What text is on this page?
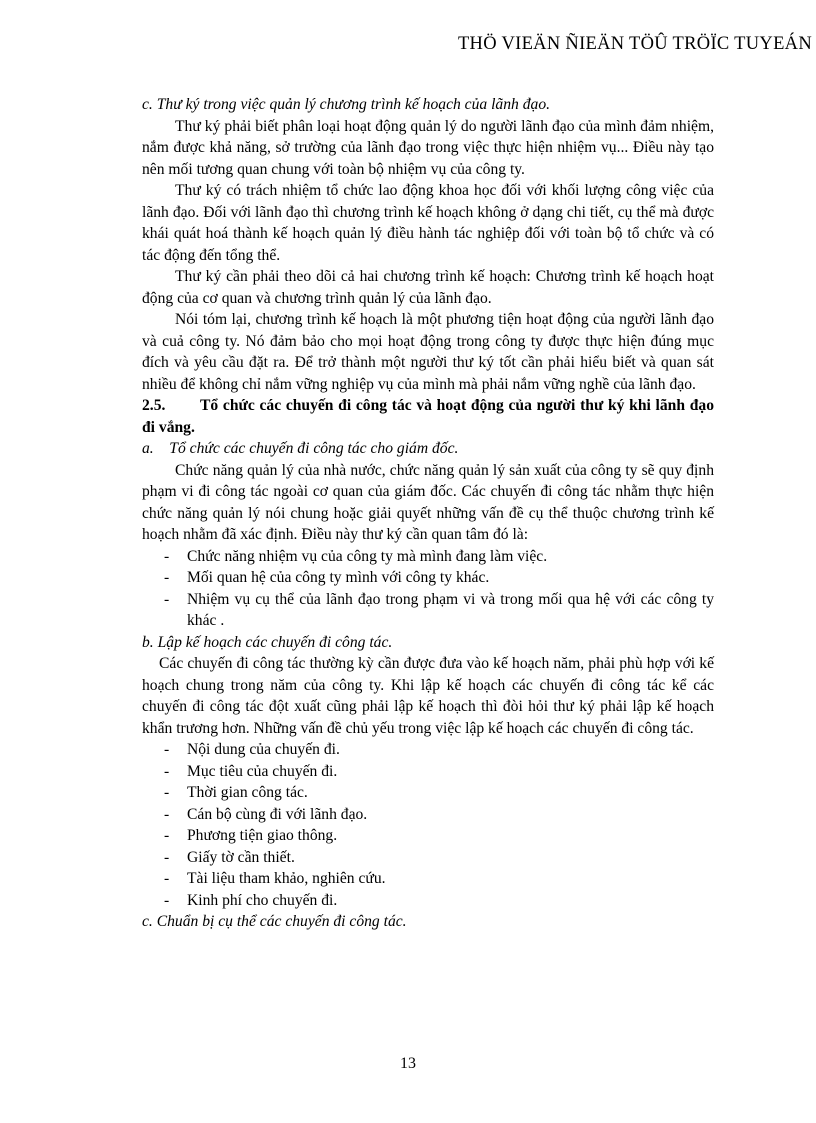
THÖ VIEÄN ÑIEÄN TÖÛ TRÖÏC TUYEÁN

c. Thư ký trong việc quản lý chương trình kế hoạch của lãnh đạo.

Thư ký phải biết phân loại hoạt động quản lý do người lãnh đạo của mình đảm nhiệm, nắm được khả năng, sở trường của lãnh đạo trong việc thực hiện nhiệm vụ... Điều này tạo nên mối tương quan chung với toàn bộ nhiệm vụ của công ty.

Thư ký có trách nhiệm tổ chức lao động khoa học đối với khối lượng công việc của lãnh đạo. Đối với lãnh đạo thì chương trình kế hoạch không ở dạng chi tiết, cụ thể mà được khái quát hoá thành kế hoạch quản lý điều hành tác nghiệp đối với toàn bộ tổ chức và có tác động đến tổng thể.

Thư ký cần phải theo dõi cả hai chương trình kế hoạch: Chương trình kế hoạch hoạt động của cơ quan và chương trình quản lý của lãnh đạo.

Nói tóm lại, chương trình kế hoạch là một phương tiện hoạt động của người lãnh đạo và cuả công ty. Nó đảm bảo cho mọi hoạt động trong công ty được thực hiện đúng mục đích và yêu cầu đặt ra. Để trở thành một người thư ký tốt cần phải hiểu biết và quan sát nhiều để không chỉ nắm vững nghiệp vụ của mình mà phải nắm vững nghề của lãnh đạo.

2.5. Tổ chức các chuyến đi công tác và hoạt động của người thư ký khi lãnh đạo đi vắng.

a.    Tổ chức các chuyến đi công tác cho giám đốc.

Chức năng quản lý của nhà nước, chức năng quản lý sản xuất của công ty sẽ quy định phạm vi đi công tác ngoài cơ quan của giám đốc. Các chuyến đi công tác nhằm thực hiện chức năng quản lý nói chung hoặc giải quyết những vấn đề cụ thể thuộc chương trình kế hoạch nhằm đã xác định. Điều này thư ký cần quan tâm đó là:

- Chức năng nhiệm vụ của công ty mà mình đang làm việc.
- Mối quan hệ của công ty mình với công ty khác.
- Nhiệm vụ cụ thể của lãnh đạo trong phạm vi và trong mối qua hệ với các công ty khác .

b. Lập kế hoạch các chuyến đi công tác.

Các chuyến đi công tác thường kỳ cần được đưa vào kế hoạch năm, phải phù hợp với kế hoạch chung trong năm của công ty. Khi lập kế hoạch các chuyến đi công tác kể các chuyến đi công tác đột xuất cũng phải lập kế hoạch thì đòi hỏi thư ký phải lập kế hoạch khẩn trương hơn. Những vấn đề chủ yếu trong việc lập kế hoạch các chuyến đi công tác.

- Nội dung của chuyến đi.
- Mục tiêu của chuyến đi.
- Thời gian công tác.
- Cán bộ cùng đi với lãnh đạo.
- Phương tiện giao thông.
- Giấy tờ cần thiết.
- Tài liệu tham khảo, nghiên cứu.
- Kinh phí cho chuyến đi.

c. Chuẩn bị cụ thể các chuyến đi công tác.

13
